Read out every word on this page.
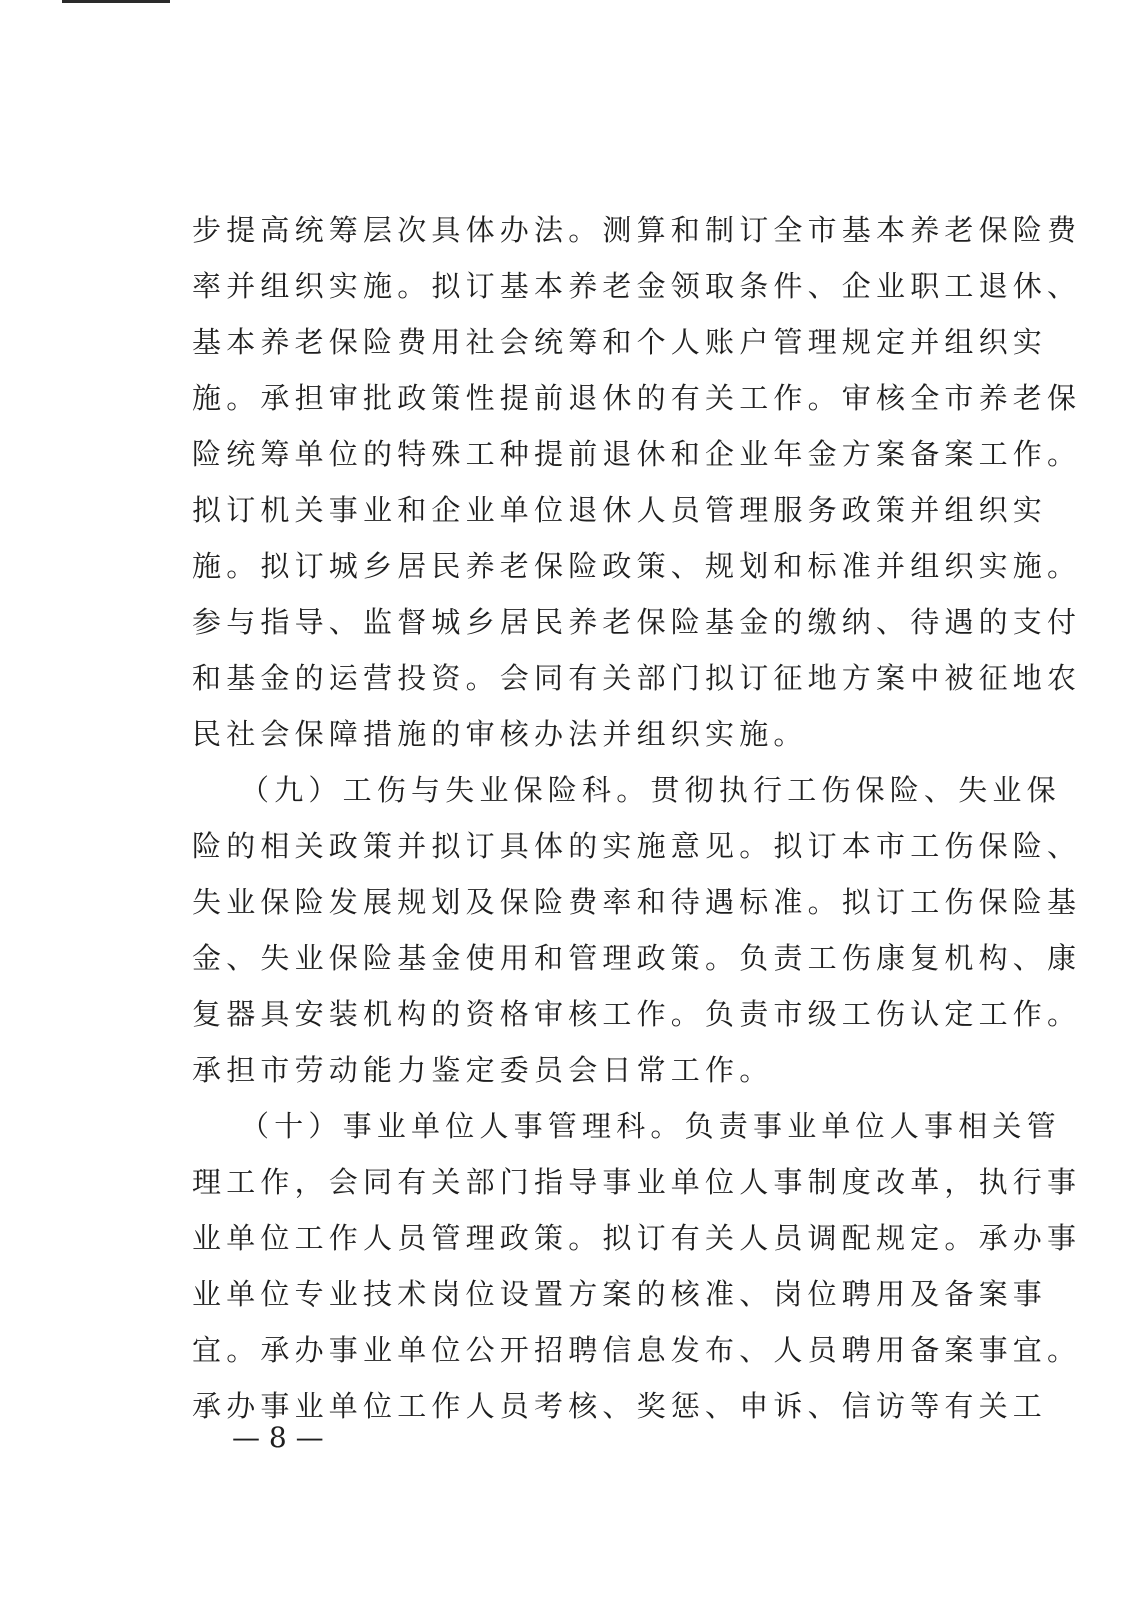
步提高统筹层次具体办法。测算和制订全市基本养老保险费
率并组织实施。拟订基本养老金领取条件、企业职工退休、
基本养老保险费用社会统筹和个人账户管理规定并组织实
施。承担审批政策性提前退休的有关工作。审核全市养老保
险统筹单位的特殊工种提前退休和企业年金方案备案工作。
拟订机关事业和企业单位退休人员管理服务政策并组织实
施。拟订城乡居民养老保险政策、规划和标准并组织实施。
参与指导、监督城乡居民养老保险基金的缴纳、待遇的支付
和基金的运营投资。会同有关部门拟订征地方案中被征地农
民社会保障措施的审核办法并组织实施。
（九）工伤与失业保险科。贯彻执行工伤保险、失业保
险的相关政策并拟订具体的实施意见。拟订本市工伤保险、
失业保险发展规划及保险费率和待遇标准。拟订工伤保险基
金、失业保险基金使用和管理政策。负责工伤康复机构、康
复器具安装机构的资格审核工作。负责市级工伤认定工作。
承担市劳动能力鉴定委员会日常工作。
（十）事业单位人事管理科。负责事业单位人事相关管
理工作，会同有关部门指导事业单位人事制度改革，执行事
业单位工作人员管理政策。拟订有关人员调配规定。承办事
业单位专业技术岗位设置方案的核准、岗位聘用及备案事
宜。承办事业单位公开招聘信息发布、人员聘用备案事宜。
承办事业单位工作人员考核、奖惩、申诉、信访等有关工
— 8 —
